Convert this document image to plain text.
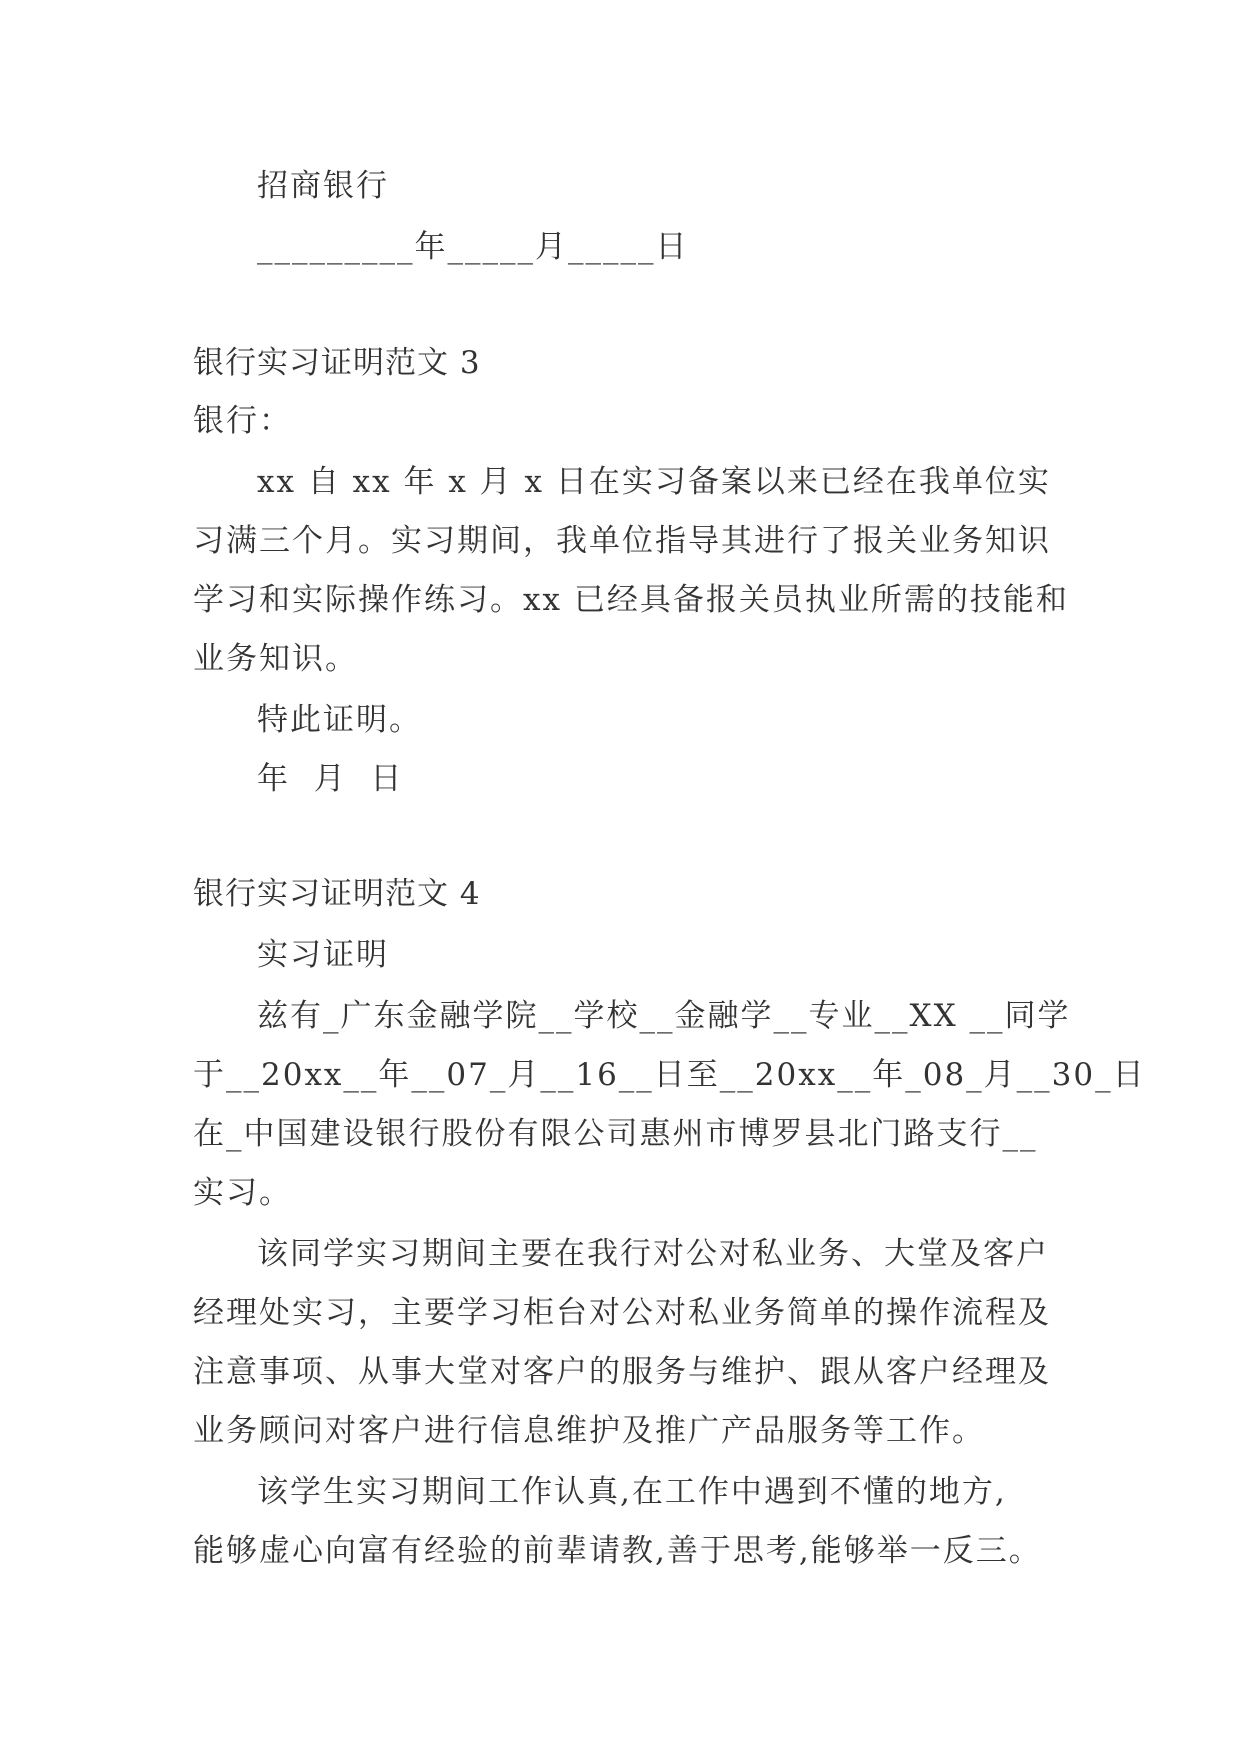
招商银行
_________年_____月_____日
银行实习证明范文 3
银行：
xx 自 xx 年 x 月 x 日在实习备案以来已经在我单位实
习满三个月。实习期间，我单位指导其进行了报关业务知识
学习和实际操作练习。xx 已经具备报关员执业所需的技能和
业务知识。
特此证明。
年  月  日
银行实习证明范文 4
实习证明
兹有_广东金融学院__学校__金融学__专业__XX __同学
于__20xx__年__07_月__16__日至__20xx__年_08_月__30_日
在_中国建设银行股份有限公司惠州市博罗县北门路支行__
实习。
该同学实习期间主要在我行对公对私业务、大堂及客户
经理处实习，主要学习柜台对公对私业务简单的操作流程及
注意事项、从事大堂对客户的服务与维护、跟从客户经理及
业务顾问对客户进行信息维护及推广产品服务等工作。
该学生实习期间工作认真,在工作中遇到不懂的地方,
能够虚心向富有经验的前辈请教,善于思考,能够举一反三。
